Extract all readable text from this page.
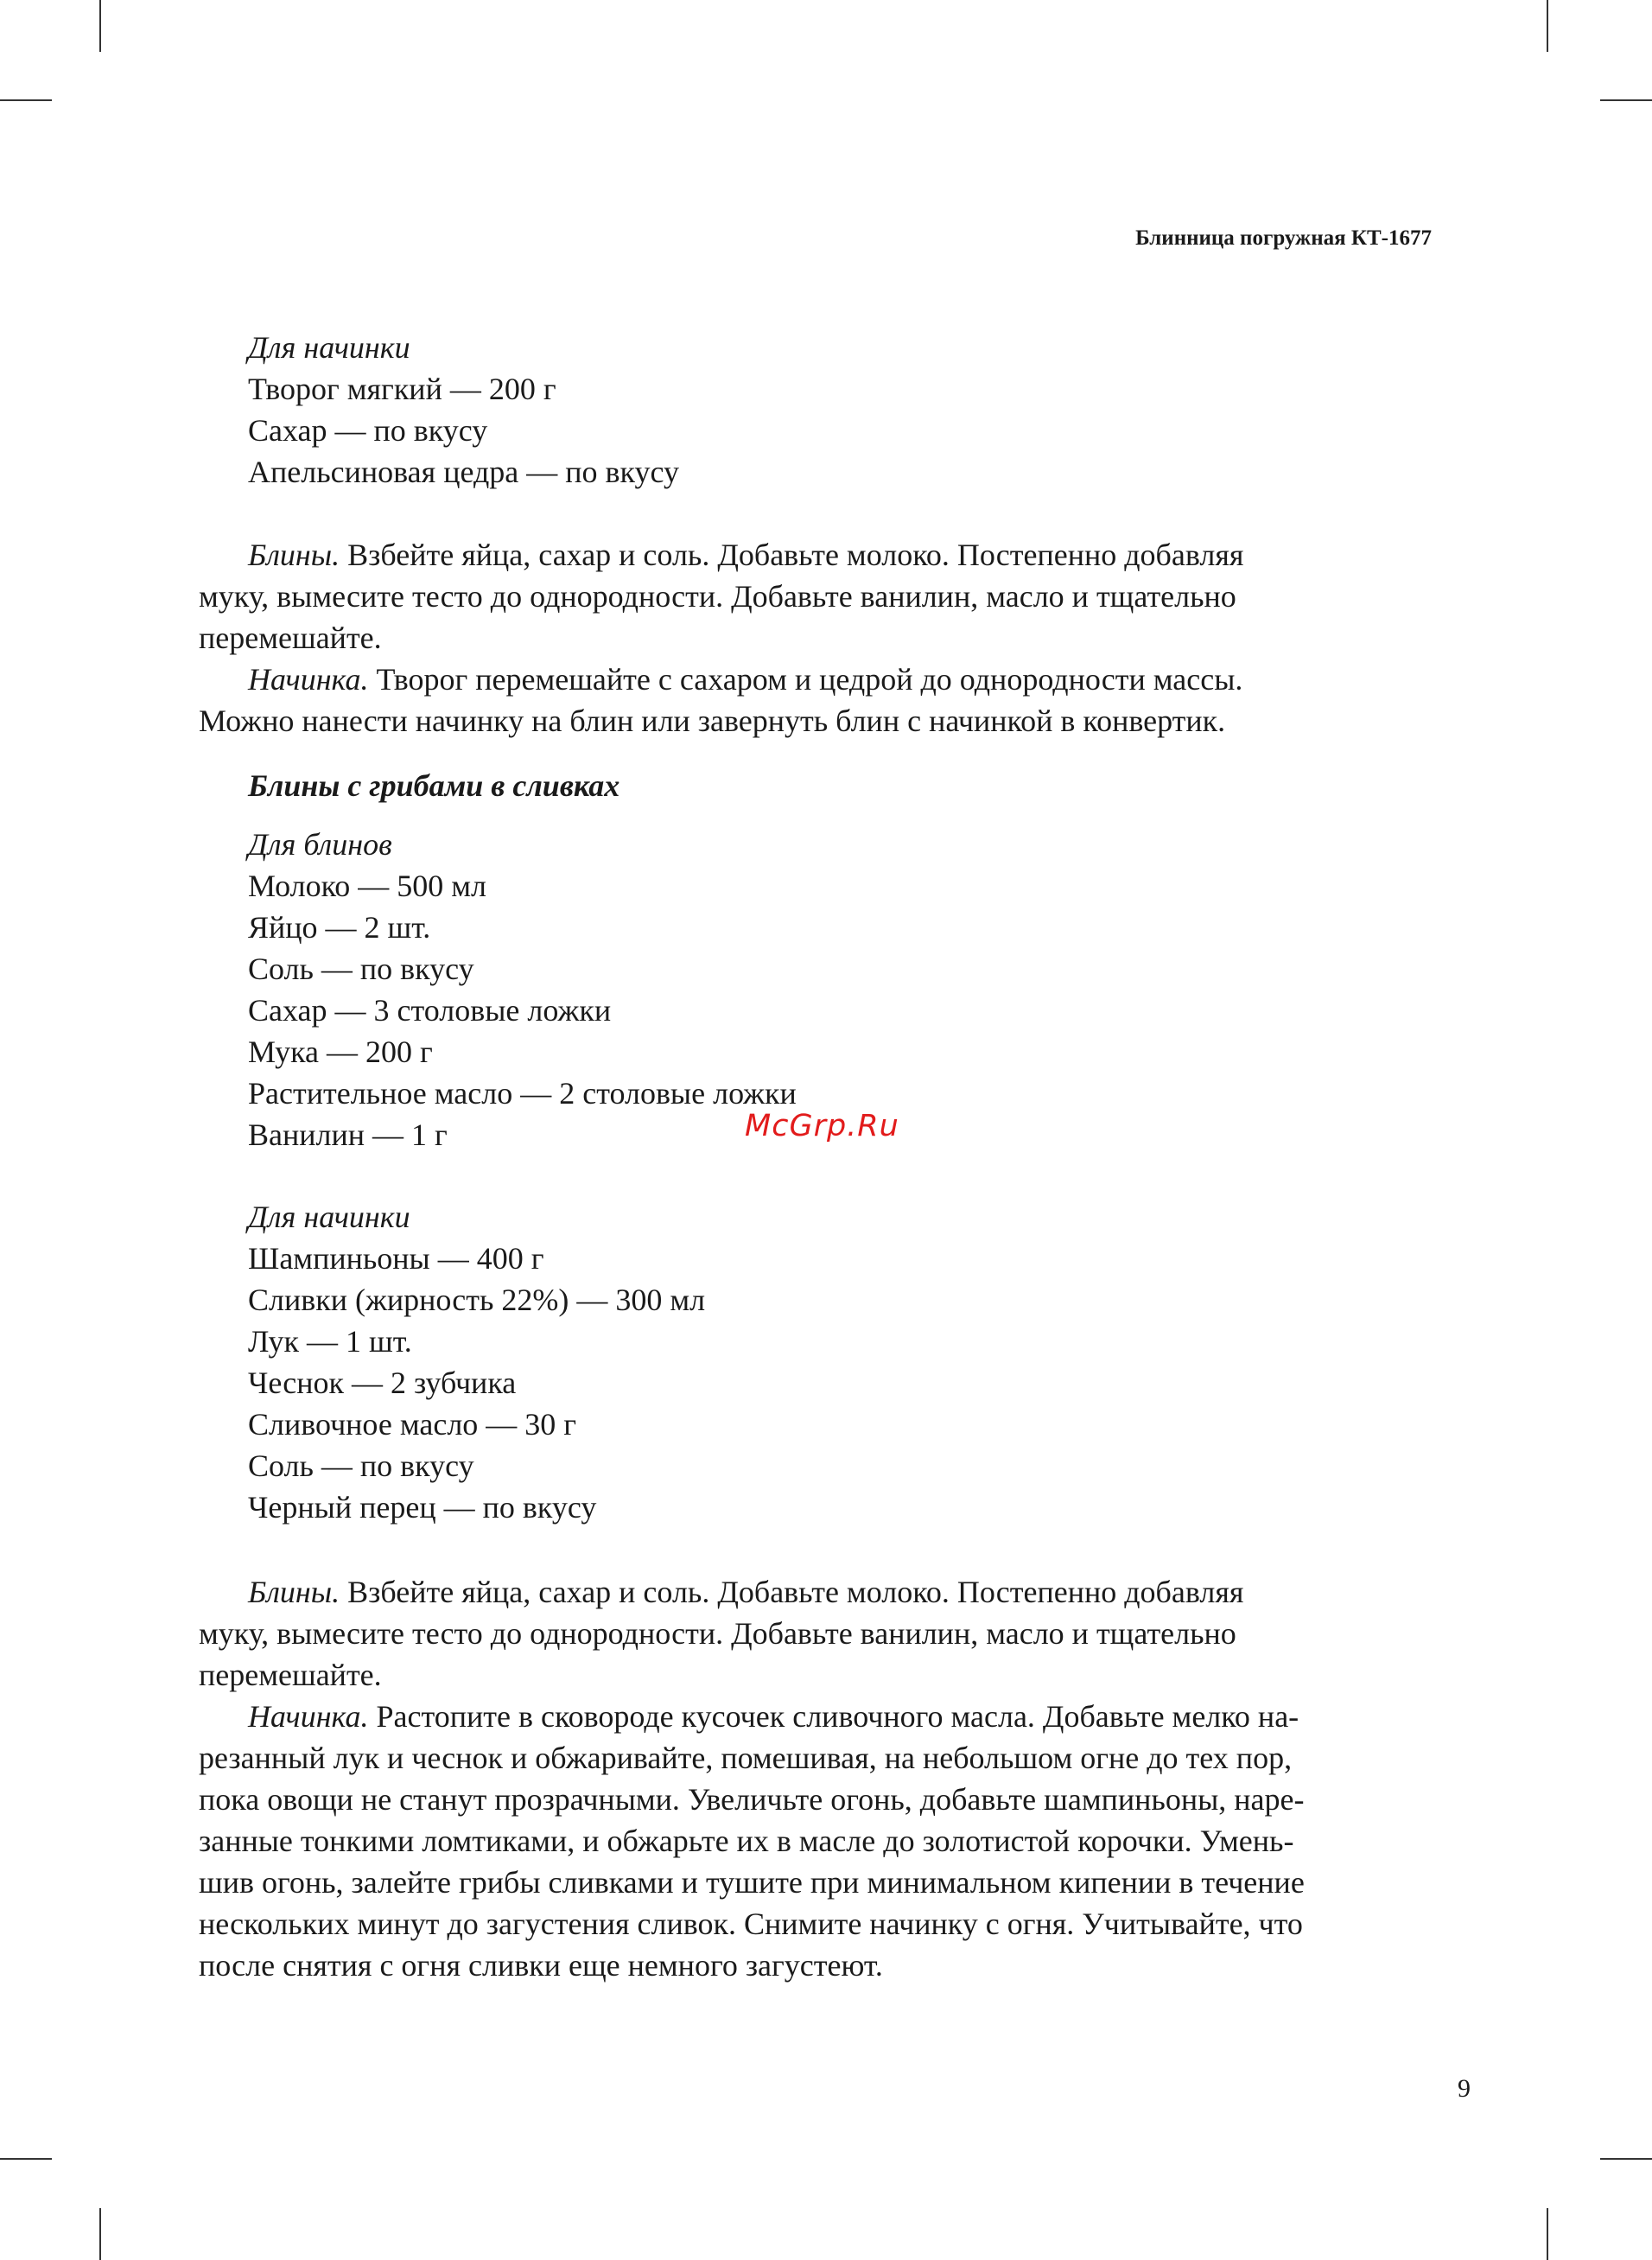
Блинница погружная КТ-1677
Для начинки
Творог мягкий — 200 г
Сахар — по вкусу
Апельсиновая цедра — по вкусу

Блины. Взбейте яйца, сахар и соль. Добавьте молоко. Постепенно добавляя

муку, вымесите тесто до однородности. Добавьте ванилин, масло и тщательно

перемешайте.

Начинка. Творог перемешайте с сахаром и цедрой до однородности массы.

Можно нанести начинку на блин или завернуть блин с начинкой в конвертик.

Блины с грибами в сливках
Для блинов
Молоко — 500 мл
Яйцо — 2 шт.
Соль — по вкусу
Сахар — 3 столовые ложки
Мука — 200 г
Растительное масло — 2 столовые ложки
Ванилин — 1 г
Для начинки
Шампиньоны — 400 г
Сливки (жирность 22%) — 300 мл
Лук — 1 шт.
Чеснок — 2 зубчика
Сливочное масло — 30 г
Соль — по вкусу
Черный перец — по вкусу

Блины. Взбейте яйца, сахар и соль. Добавьте молоко. Постепенно добавляя

муку, вымесите тесто до однородности. Добавьте ванилин, масло и тщательно

перемешайте.

Начинка. Растопите в сковороде кусочек сливочного масла. Добавьте мелко на-

резанный лук и чеснок и обжаривайте, помешивая, на небольшом огне до тех пор,

пока овощи не станут прозрачными. Увеличьте огонь, добавьте шампиньоны, наре-

занные тонкими ломтиками, и обжарьте их в масле до золотистой корочки. Умень-

шив огонь, залейте грибы сливками и тушите при минимальном кипении в течение

нескольких минут до загустения сливок. Снимите начинку с огня. Учитывайте, что

после снятия с огня сливки еще немного загустеют.

McGrp.Ru
9
